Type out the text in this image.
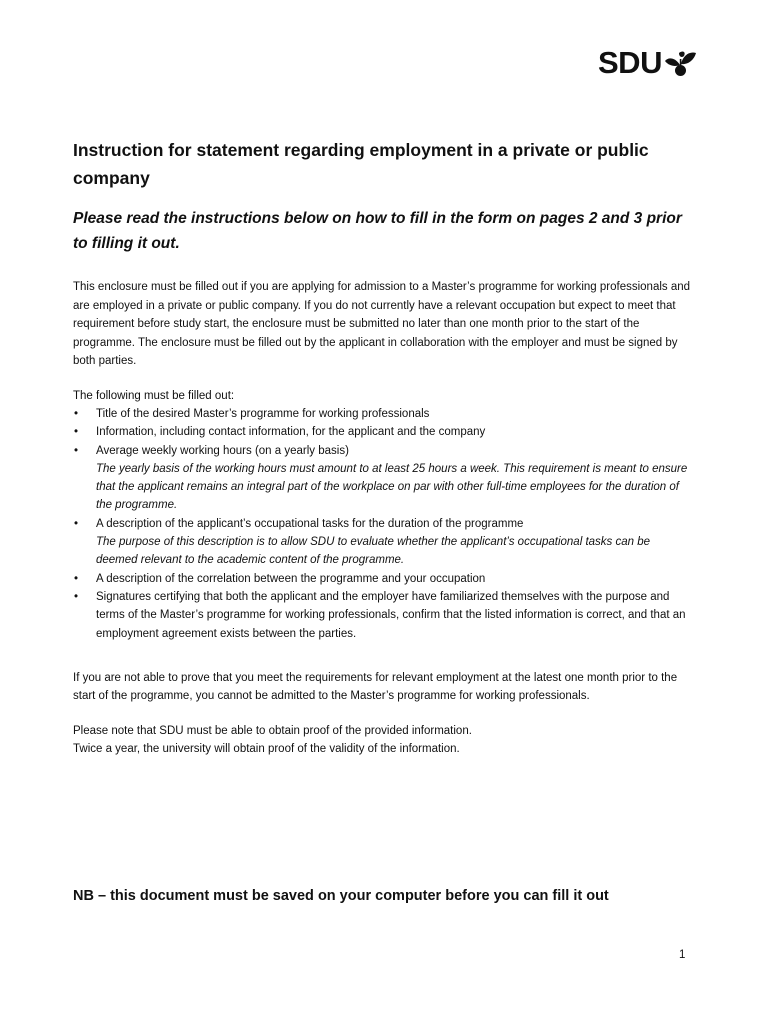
SDU
Instruction for statement regarding employment in a private or public company

Please read the instructions below on how to fill in the form on pages 2 and 3 prior to filling it out.

This enclosure must be filled out if you are applying for admission to a Master’s programme for working professionals and are employed in a private or public company. If you do not currently have a relevant occupation but expect to meet that requirement before study start, the enclosure must be submitted no later than one month prior to the start of the programme. The enclosure must be filled out by the applicant in collaboration with the employer and must be signed by both parties.

The following must be filled out:

• Title of the desired Master’s programme for working professionals
• Information, including contact information, for the applicant and the company
• Average weekly working hours (on a yearly basis)
The yearly basis of the working hours must amount to at least 25 hours a week. This requirement is meant to ensure that the applicant remains an integral part of the workplace on par with other full-time employees for the duration of the programme.
• A description of the applicant’s occupational tasks for the duration of the programme
The purpose of this description is to allow SDU to evaluate whether the applicant’s occupational tasks can be deemed relevant to the academic content of the programme.
• A description of the correlation between the programme and your occupation
• Signatures certifying that both the applicant and the employer have familiarized themselves with the purpose and terms of the Master’s programme for working professionals, confirm that the listed information is correct, and that an employment agreement exists between the parties.

If you are not able to prove that you meet the requirements for relevant employment at the latest one month prior to the start of the programme, you cannot be admitted to the Master’s programme for working professionals.

Please note that SDU must be able to obtain proof of the provided information.

Twice a year, the university will obtain proof of the validity of the information.

NB – this document must be saved on your computer before you can fill it out
1
